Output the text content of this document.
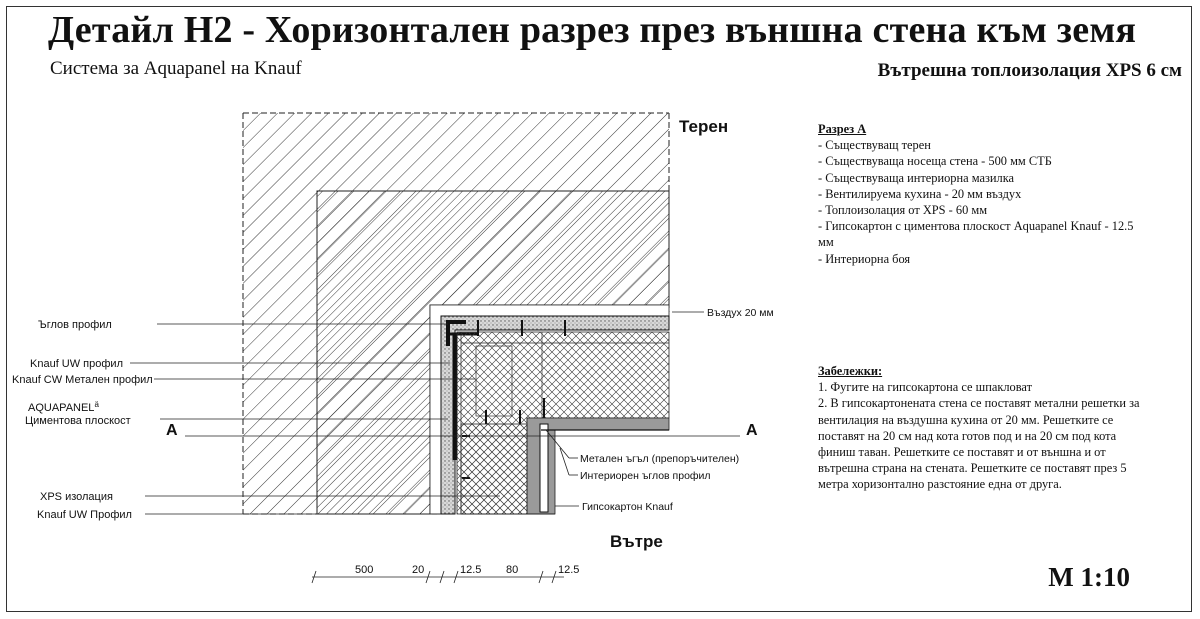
Детайл H2 - Хоризонтален разрез през външна стена към земя
Система за Aquapanel на Knauf	Вътрешна топлоизолация XPS 6 см
Разрез А
- Съществуващ терен
- Съществуваща носеща стена - 500 мм СТБ
- Съществуваща интериорна мазилка
- Вентилируема кухина - 20 мм въздух
- Топлоизолация от XPS - 60 мм
- Гипсокартон с циментова плоскост Aquapanel Knauf - 12.5 мм
- Интериорна боя
Забележки:
1. Фугите на гипсокартона се шпакловат
2. В гипсокартонената стена се поставят метални решетки за вентилация на въздушна кухина от 20 мм. Решетките се поставят на 20 см над кота готов под и на 20 см под кота финиш таван. Решетките се поставят и от външна и от вътрешна страна на стената. Решетките се поставят през 5 метра хоризонтално разстояние една от друга.
M 1:10
Терен
Вътре
A	A
Ъглов профил
Knauf UW профил
Knauf CW Метален профил
$AQUAPANEL^ä$
Циментова плоскост
XPS изолация
Knauf UW Профил
Въздух 20 мм
Метален ъгъл (препоръчителен)
Интериорен ъглов профил
Гипсокартон Knauf
500	20	12.5 80	12.5
